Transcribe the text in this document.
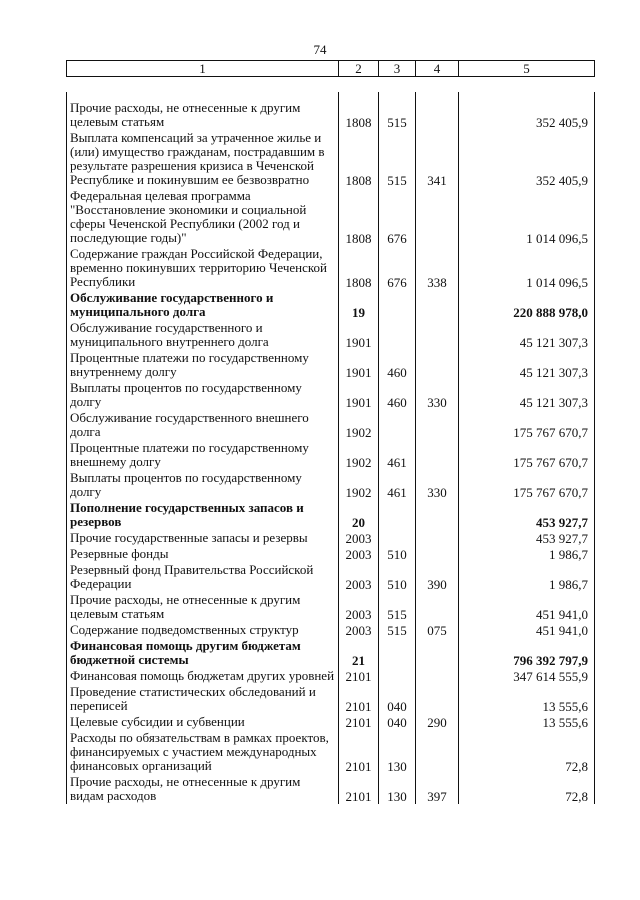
74
1	2	3	4	5

Прочие расходы, не отнесенные к другим целевым статьям	1808	515		352 405,9
Выплата компенсаций за утраченное жилье и (или) имущество гражданам, пострадавшим в результате разрешения кризиса в Чеченской Республике и покинувшим ее безвозвратно	1808	515	341	352 405,9
Федеральная целевая программа "Восстановление экономики и социальной сферы Чеченской Республики (2002 год и последующие годы)"	1808	676		1 014 096,5
Содержание граждан Российской Федерации, временно покинувших территорию Чеченской Республики	1808	676	338	1 014 096,5
Обслуживание государственного и муниципального долга	19			220 888 978,0
Обслуживание государственного и муниципального внутреннего долга	1901			45 121 307,3
Процентные платежи по государственному внутреннему долгу	1901	460		45 121 307,3
Выплаты процентов по государственному долгу	1901	460	330	45 121 307,3
Обслуживание государственного внешнего долга	1902			175 767 670,7
Процентные платежи по государственному внешнему долгу	1902	461		175 767 670,7
Выплаты процентов по государственному долгу	1902	461	330	175 767 670,7
Пополнение государственных запасов и резервов	20			453 927,7
Прочие государственные запасы и резервы	2003			453 927,7
Резервные фонды	2003	510		1 986,7
Резервный фонд Правительства Российской Федерации	2003	510	390	1 986,7
Прочие расходы, не отнесенные к другим целевым статьям	2003	515		451 941,0
Содержание подведомственных структур	2003	515	075	451 941,0
Финансовая помощь другим бюджетам бюджетной системы	21			796 392 797,9
Финансовая помощь бюджетам других уровней	2101			347 614 555,9
Проведение статистических обследований и переписей	2101	040		13 555,6
Целевые субсидии и субвенции	2101	040	290	13 555,6
Расходы по обязательствам в рамках проектов, финансируемых с участием международных финансовых организаций	2101	130		72,8
Прочие расходы, не отнесенные к другим видам расходов	2101	130	397	72,8
